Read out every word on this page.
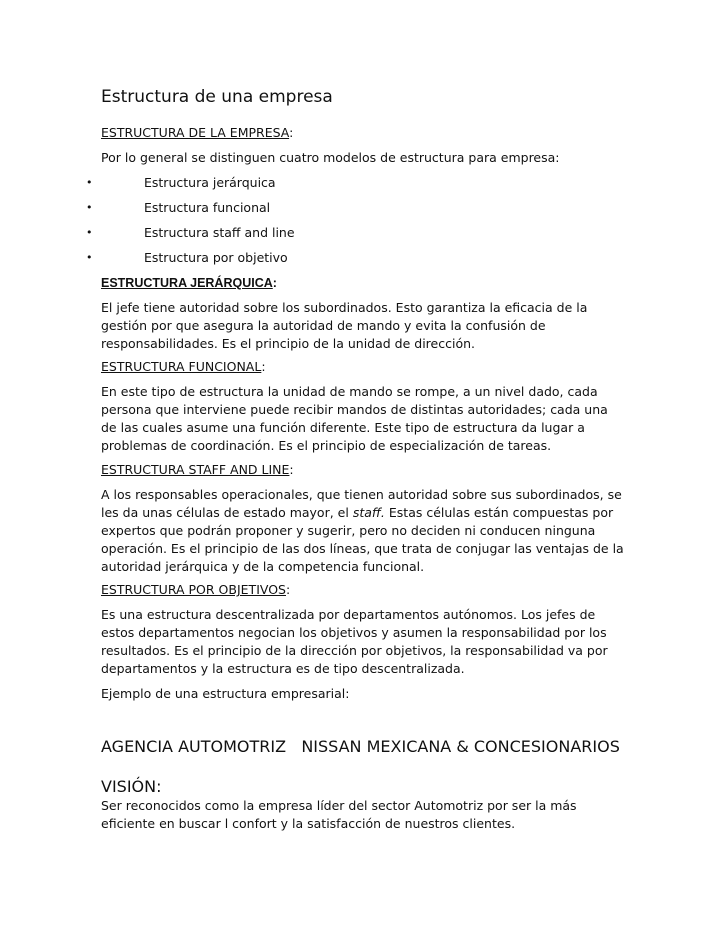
Estructura de una empresa
ESTRUCTURA DE LA EMPRESA:
Por lo general se distinguen cuatro modelos de estructura para empresa:
•	Estructura jerárquica
•	Estructura funcional
•	Estructura staff and line
•	Estructura por objetivo
ESTRUCTURA JERÁRQUICA:
El jefe tiene autoridad sobre los subordinados. Esto garantiza la eficacia de la gestión por que asegura la autoridad de mando y evita la confusión de responsabilidades. Es el principio de la unidad de dirección.
ESTRUCTURA FUNCIONAL:
En este tipo de estructura la unidad de mando se rompe, a un nivel dado, cada persona que interviene puede recibir mandos de distintas autoridades; cada una de las cuales asume una función diferente. Este tipo de estructura da lugar a problemas de coordinación. Es el principio de especialización de tareas.
ESTRUCTURA STAFF AND LINE:
A los responsables operacionales, que tienen autoridad sobre sus subordinados, se les da unas células de estado mayor, el staff. Estas células están compuestas por expertos que podrán proponer y sugerir, pero no deciden ni conducen ninguna operación. Es el principio de las dos líneas, que trata de conjugar las ventajas de la autoridad jerárquica y de la competencia funcional.
ESTRUCTURA POR OBJETIVOS:
Es una estructura descentralizada por departamentos autónomos. Los jefes de estos departamentos negocian los objetivos y asumen la responsabilidad por los resultados. Es el principio de la dirección por objetivos, la responsabilidad va por departamentos y la estructura es de tipo descentralizada.
Ejemplo de una estructura empresarial:
AGENCIA AUTOMOTRIZ   NISSAN MEXICANA & CONCESIONARIOS
VISIÓN:
Ser reconocidos como la empresa líder del sector Automotriz por ser la más eficiente en buscar l confort y la satisfacción de nuestros clientes.
